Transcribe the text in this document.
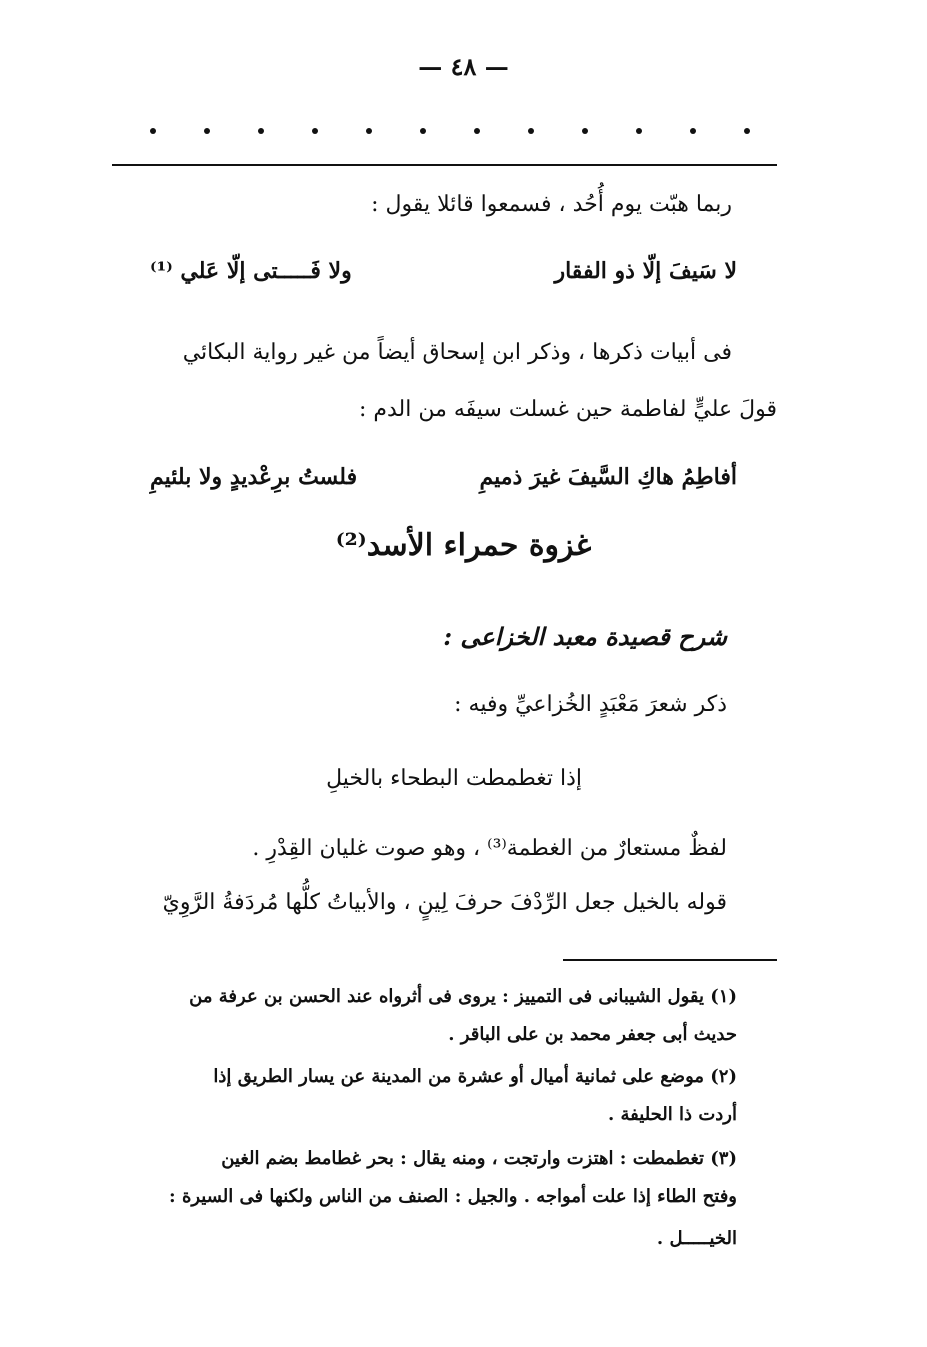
— ٤٨ —
ربما هبّت يوم أُحُد ، فسمعوا قائلا يقول :
لا سَيفَ إلّا ذو الفقار
ولا فَـــــتى إلّا عَلي ⁽¹⁾
فى أبيات ذكرها ، وذكر ابن إسحاق أيضاً من غير رواية البكائي
قولَ عليٍّ لفاطمة حين غسلت سيفَه من الدم :
أفاطِمُ هاكِ السَّيفَ غيرَ ذميمِ
فلستُ برِعْديدٍ ولا بلئيمِ
غزوة حمراء الأسد⁽²⁾
شرح قصيدة معبد الخزاعى :
ذكر شعرَ مَعْبَدٍ الخُزاعيِّ وفيه :
إذا تغطمطت البطحاء بالخيلِ
لفظٌ مستعارٌ من الغطمة⁽³⁾ ، وهو صوت غليان القِدْرِ .
قوله بالخيل جعل الرِّدْفَ حرفَ لِينٍ ، والأبياتُ كلُّها مُردَفةُ الرَّوِيّ
(١) يقول الشيبانى فى التمييز : يروى فى أثرواه عند الحسن بن عرفة من
حديث أبى جعفر محمد بن على الباقر .
(٢) موضع على ثمانية أميال أو عشرة من المدينة عن يسار الطريق إذا
أردت ذا الحليفة .
(٣) تغطمطت : اهتزت وارتجت ، ومنه يقال : بحر غطامط بضم الغين
وفتح الطاء إذا علت أمواجه . والجيل : الصنف من الناس ولكنها فى السيرة :
الخيـــــل .
